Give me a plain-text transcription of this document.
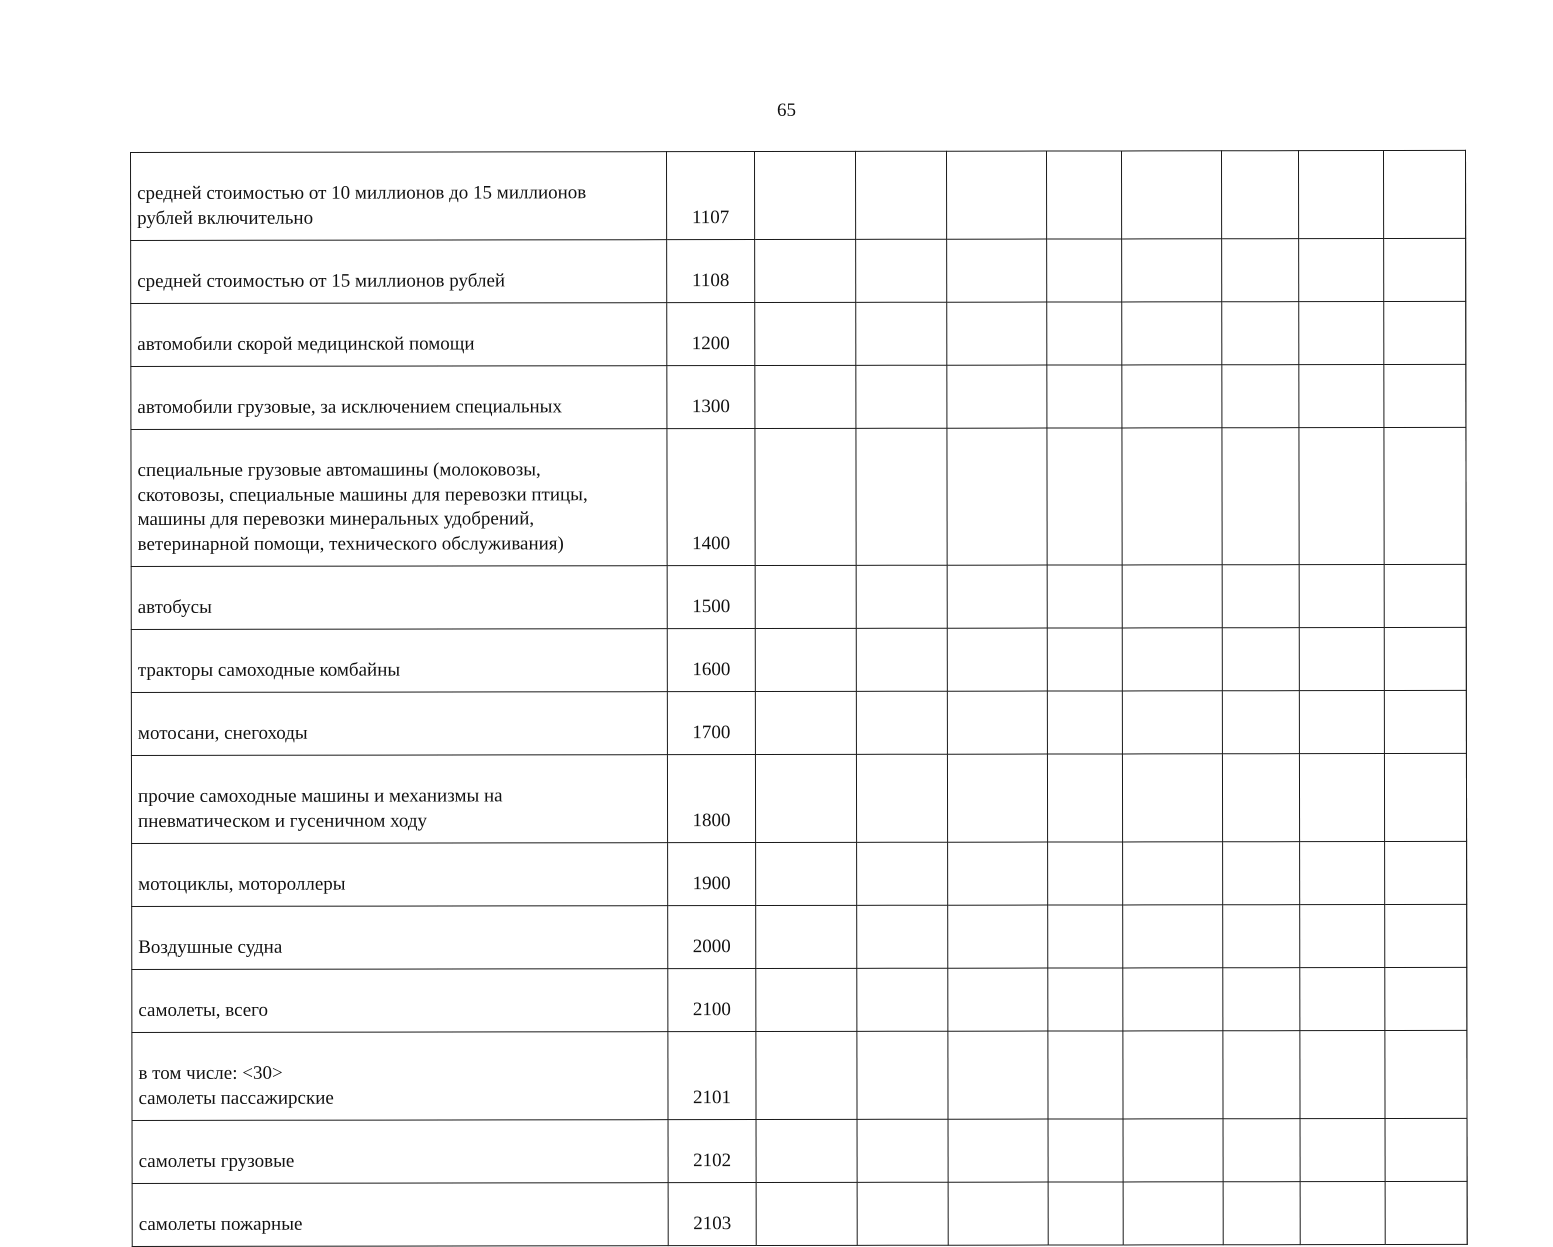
65
средней стоимостью от 10 миллионов до 15 миллионов
рублей включительно	1107									

средней стоимостью от 15 миллионов рублей	1108									

автомобили скорой медицинской помощи	1200									

автомобили грузовые, за исключением специальных	1300									

специальные грузовые автомашины (молоковозы,
скотовозы, специальные машины для перевозки птицы,
машины для перевозки минеральных удобрений,
ветеринарной помощи, технического обслуживания)	1400									

автобусы	1500									

тракторы самоходные комбайны	1600									

мотосани, снегоходы	1700									

прочие самоходные машины и механизмы на
пневматическом и гусеничном ходу	1800									

мотоциклы, мотороллеры	1900									

Воздушные судна	2000									

самолеты, всего	2100									

в том числе: <30>
самолеты пассажирские	2101									

самолеты грузовые	2102									

самолеты пожарные	2103									
